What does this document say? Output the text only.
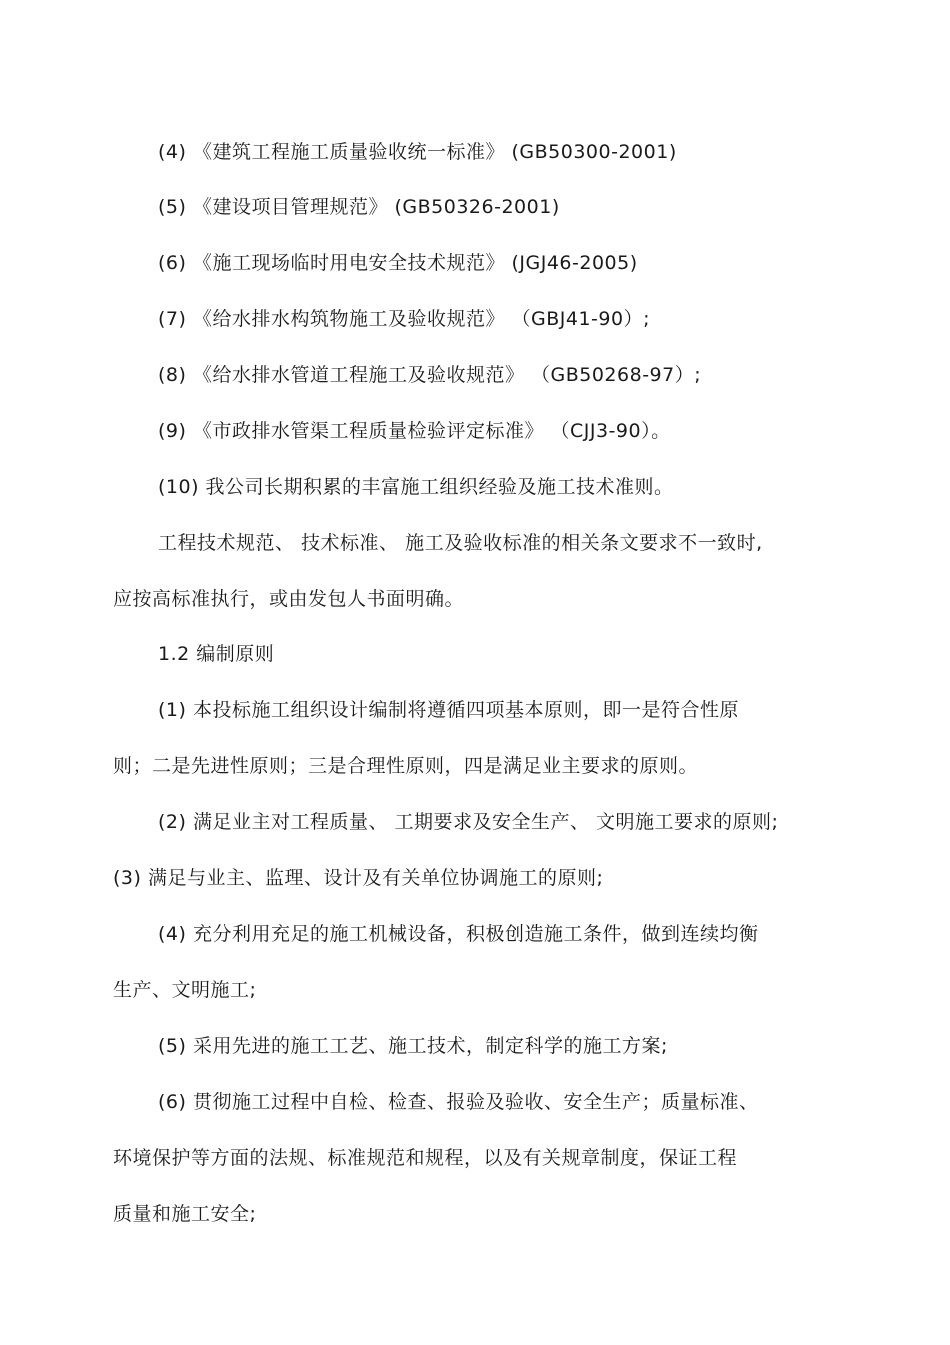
(4) 《建筑工程施工质量验收统一标准》 (GB50300-2001)
(5) 《建设项目管理规范》 (GB50326-2001)
(6) 《施工现场临时用电安全技术规范》 (JGJ46-2005)
(7) 《给水排水构筑物施工及验收规范》 （GBJ41-90）;
(8) 《给水排水管道工程施工及验收规范》 （GB50268-97）;
(9) 《市政排水管渠工程质量检验评定标准》 （CJJ3-90）。
(10) 我公司长期积累的丰富施工组织经验及施工技术准则。
工程技术规范、 技术标准、 施工及验收标准的相关条文要求不一致时,
应按高标准执行，或由发包人书面明确。
1.2 编制原则
(1) 本投标施工组织设计编制将遵循四项基本原则，即一是符合性原
则；二是先进性原则；三是合理性原则，四是满足业主要求的原则。
(2) 满足业主对工程质量、 工期要求及安全生产、 文明施工要求的原则;
(3) 满足与业主、监理、设计及有关单位协调施工的原则;
(4) 充分利用充足的施工机械设备，积极创造施工条件，做到连续均衡
生产、文明施工;
(5) 采用先进的施工工艺、施工技术，制定科学的施工方案;
(6) 贯彻施工过程中自检、检查、报验及验收、安全生产；质量标准、
环境保护等方面的法规、标准规范和规程，以及有关规章制度，保证工程
质量和施工安全;
